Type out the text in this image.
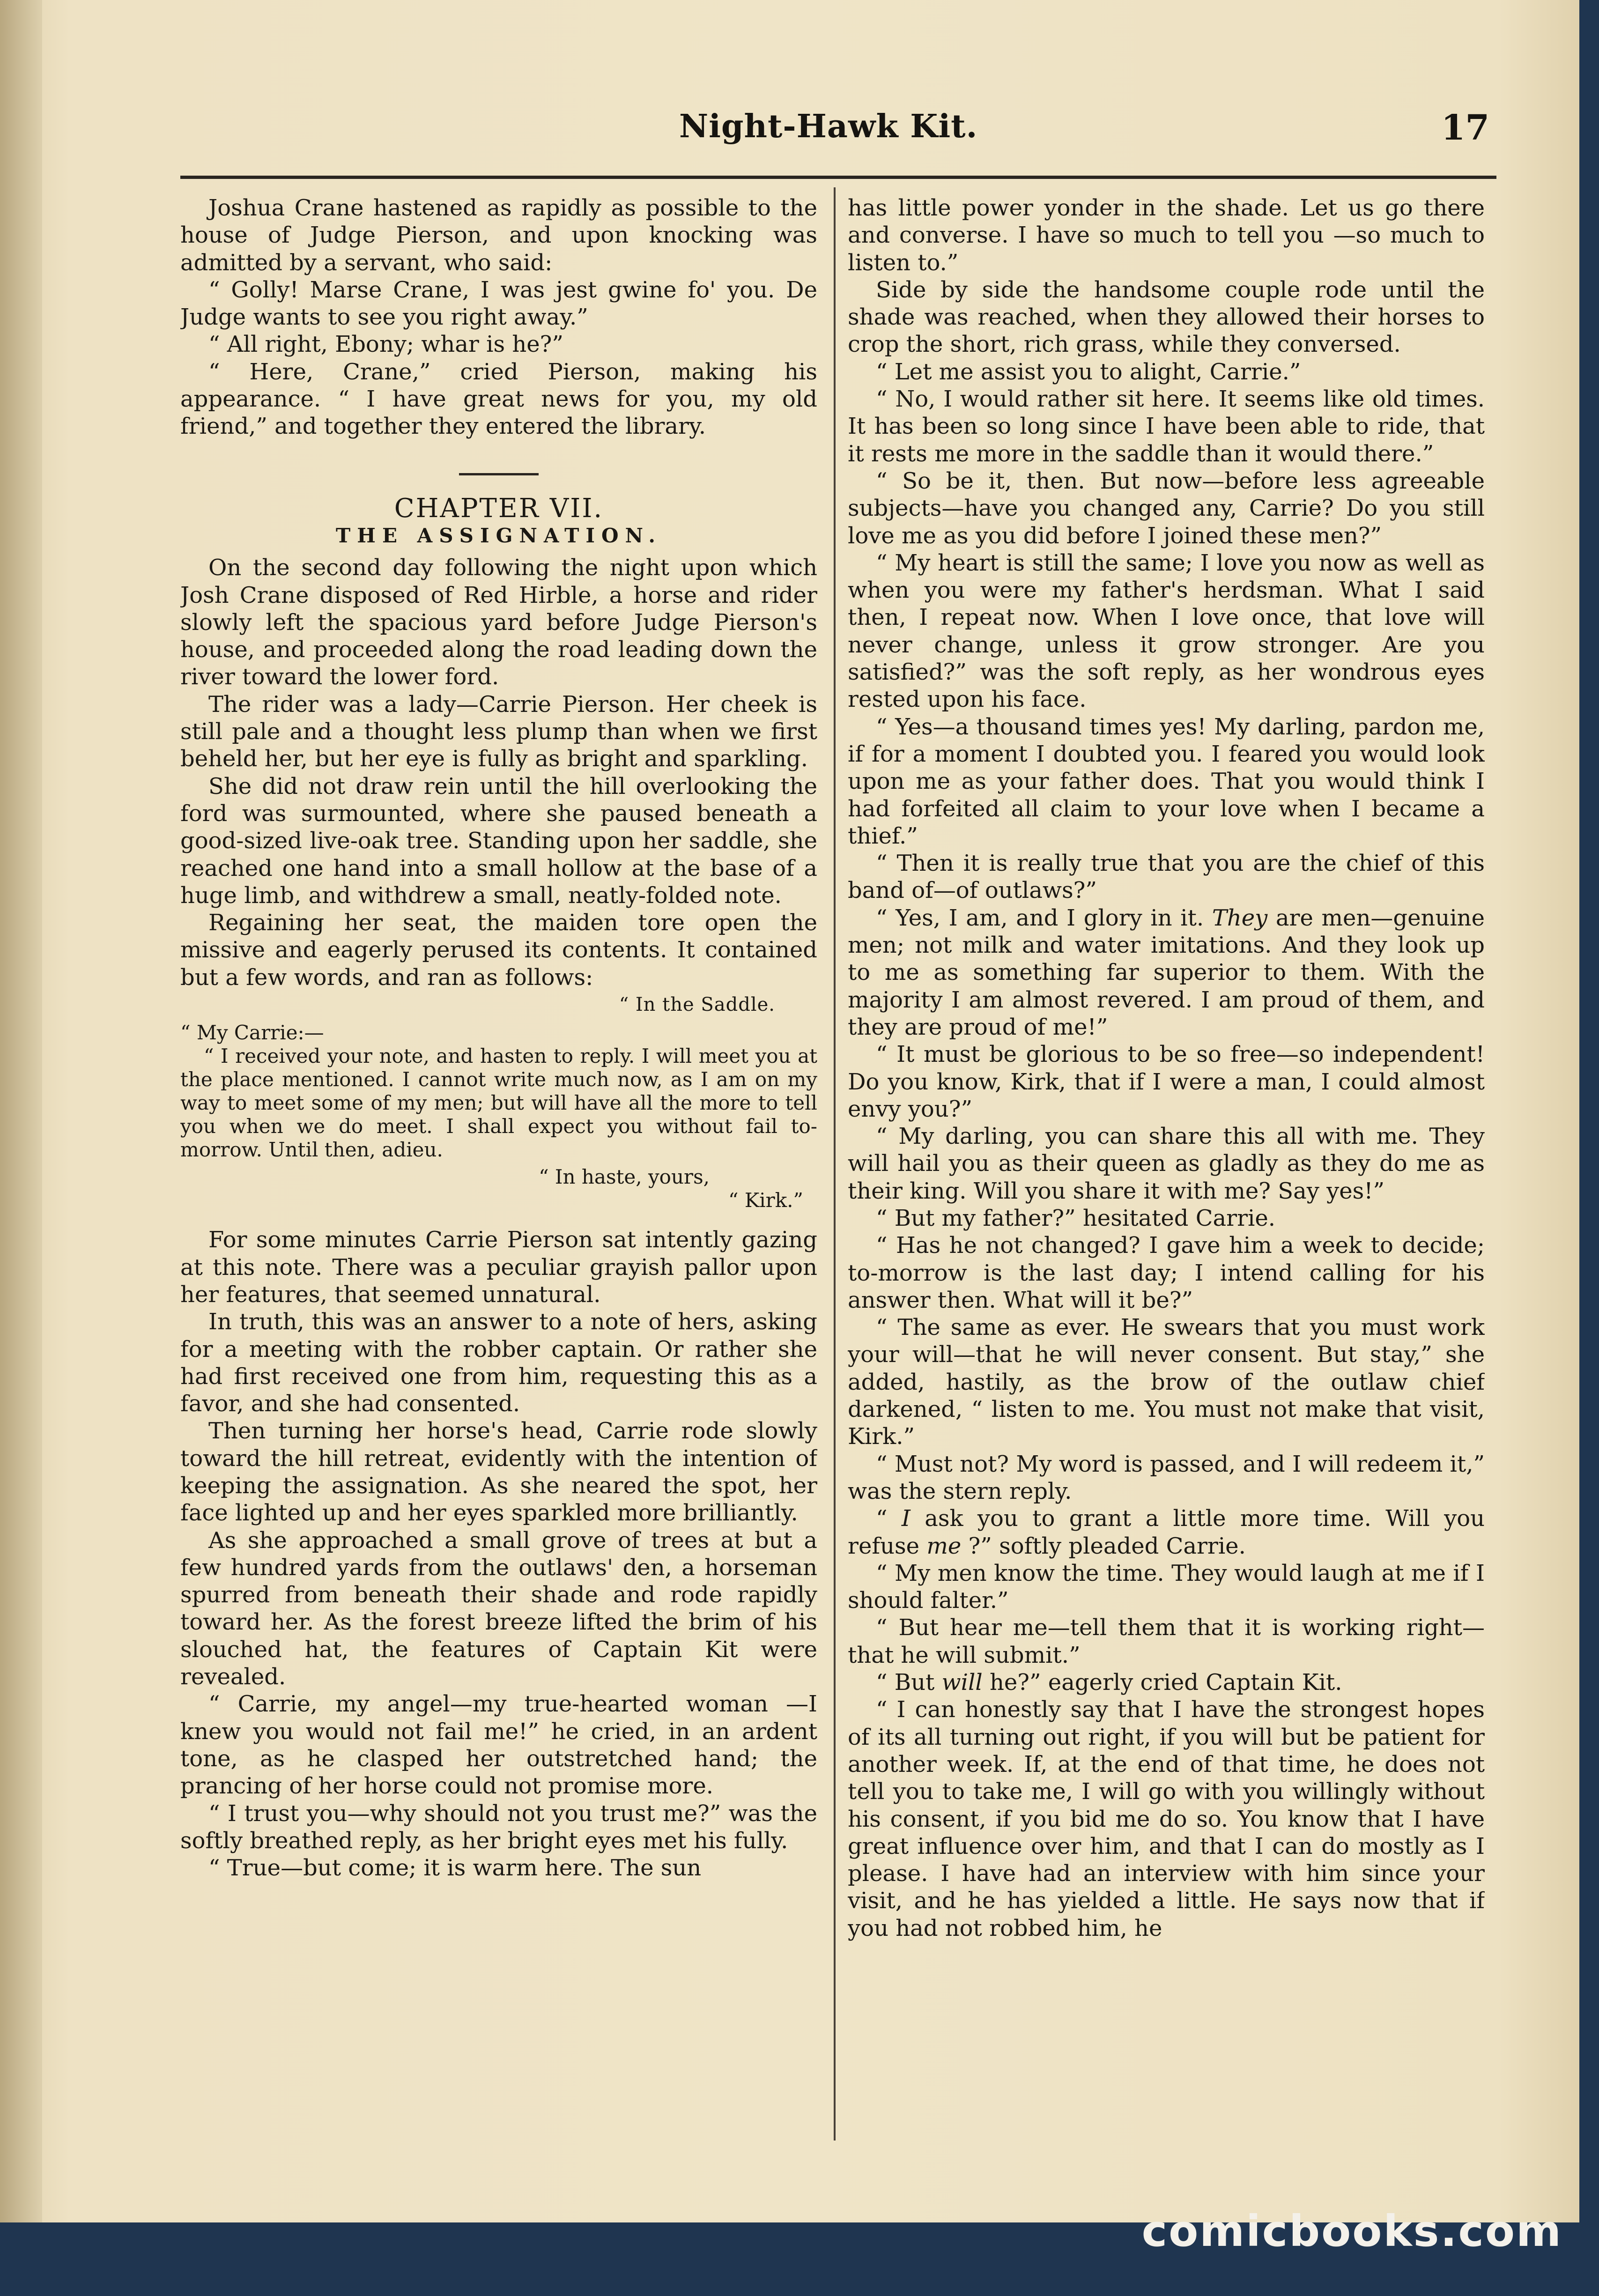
Night-Hawk Kit.	17

Joshua Crane hastened as rapidly as possible to the house of Judge Pierson, and upon knocking was admitted by a servant, who said:

“ Golly! Marse Crane, I was jest gwine fo' you. De Judge wants to see you right away.”

“ All right, Ebony; whar is he?”

“ Here, Crane,” cried Pierson, making his appearance. “ I have great news for you, my old friend,” and together they entered the library.

CHAPTER VII.

THE ASSIGNATION.

On the second day following the night upon which Josh Crane disposed of Red Hirble, a horse and rider slowly left the spacious yard before Judge Pierson's house, and proceeded along the road leading down the river toward the lower ford.

The rider was a lady—Carrie Pierson. Her cheek is still pale and a thought less plump than when we first beheld her, but her eye is fully as bright and sparkling.

She did not draw rein until the hill overlooking the ford was surmounted, where she paused beneath a good-sized live-oak tree. Standing upon her saddle, she reached one hand into a small hollow at the base of a huge limb, and withdrew a small, neatly-folded note.

Regaining her seat, the maiden tore open the missive and eagerly perused its contents. It contained but a few words, and ran as follows:

“ In the Saddle.

“ My Carrie:—

“ I received your note, and hasten to reply. I will meet you at the place mentioned. I cannot write much now, as I am on my way to meet some of my men; but will have all the more to tell you when we do meet. I shall expect you without fail to-morrow. Until then, adieu.

“ In haste, yours,

“ Kirk.”

For some minutes Carrie Pierson sat intently gazing at this note. There was a peculiar grayish pallor upon her features, that seemed unnatural.

In truth, this was an answer to a note of hers, asking for a meeting with the robber captain. Or rather she had first received one from him, requesting this as a favor, and she had consented.

Then turning her horse's head, Carrie rode slowly toward the hill retreat, evidently with the intention of keeping the assignation. As she neared the spot, her face lighted up and her eyes sparkled more brilliantly.

As she approached a small grove of trees at but a few hundred yards from the outlaws' den, a horseman spurred from beneath their shade and rode rapidly toward her. As the forest breeze lifted the brim of his slouched hat, the features of Captain Kit were revealed.

“ Carrie, my angel—my true-hearted woman —I knew you would not fail me!” he cried, in an ardent tone, as he clasped her outstretched hand; the prancing of her horse could not promise more.

“ I trust you—why should not you trust me?” was the softly breathed reply, as her bright eyes met his fully.

“ True—but come; it is warm here. The sun

has little power yonder in the shade. Let us go there and converse. I have so much to tell you —so much to listen to.”

Side by side the handsome couple rode until the shade was reached, when they allowed their horses to crop the short, rich grass, while they conversed.

“ Let me assist you to alight, Carrie.”

“ No, I would rather sit here. It seems like old times. It has been so long since I have been able to ride, that it rests me more in the saddle than it would there.”

“ So be it, then. But now—before less agreeable subjects—have you changed any, Carrie? Do you still love me as you did before I joined these men?”

“ My heart is still the same; I love you now as well as when you were my father's herdsman. What I said then, I repeat now. When I love once, that love will never change, unless it grow stronger. Are you satisfied?” was the soft reply, as her wondrous eyes rested upon his face.

“ Yes—a thousand times yes! My darling, pardon me, if for a moment I doubted you. I feared you would look upon me as your father does. That you would think I had forfeited all claim to your love when I became a thief.”

“ Then it is really true that you are the chief of this band of—of outlaws?”

“ Yes, I am, and I glory in it. They are men—genuine men; not milk and water imitations. And they look up to me as something far superior to them. With the majority I am almost revered. I am proud of them, and they are proud of me!”

“ It must be glorious to be so free—so independent! Do you know, Kirk, that if I were a man, I could almost envy you?”

“ My darling, you can share this all with me. They will hail you as their queen as gladly as they do me as their king. Will you share it with me? Say yes!”

“ But my father?” hesitated Carrie.

“ Has he not changed? I gave him a week to decide; to-morrow is the last day; I intend calling for his answer then. What will it be?”

“ The same as ever. He swears that you must work your will—that he will never consent. But stay,” she added, hastily, as the brow of the outlaw chief darkened, “ listen to me. You must not make that visit, Kirk.”

“ Must not? My word is passed, and I will redeem it,” was the stern reply.

“ I ask you to grant a little more time. Will you refuse me ?” softly pleaded Carrie.

“ My men know the time. They would laugh at me if I should falter.”

“ But hear me—tell them that it is working right—that he will submit.”

“ But will he?” eagerly cried Captain Kit.

“ I can honestly say that I have the strongest hopes of its all turning out right, if you will but be patient for another week. If, at the end of that time, he does not tell you to take me, I will go with you willingly without his consent, if you bid me do so. You know that I have great influence over him, and that I can do mostly as I please. I have had an interview with him since your visit, and he has yielded a little. He says now that if you had not robbed him, he

comicbooks.com
